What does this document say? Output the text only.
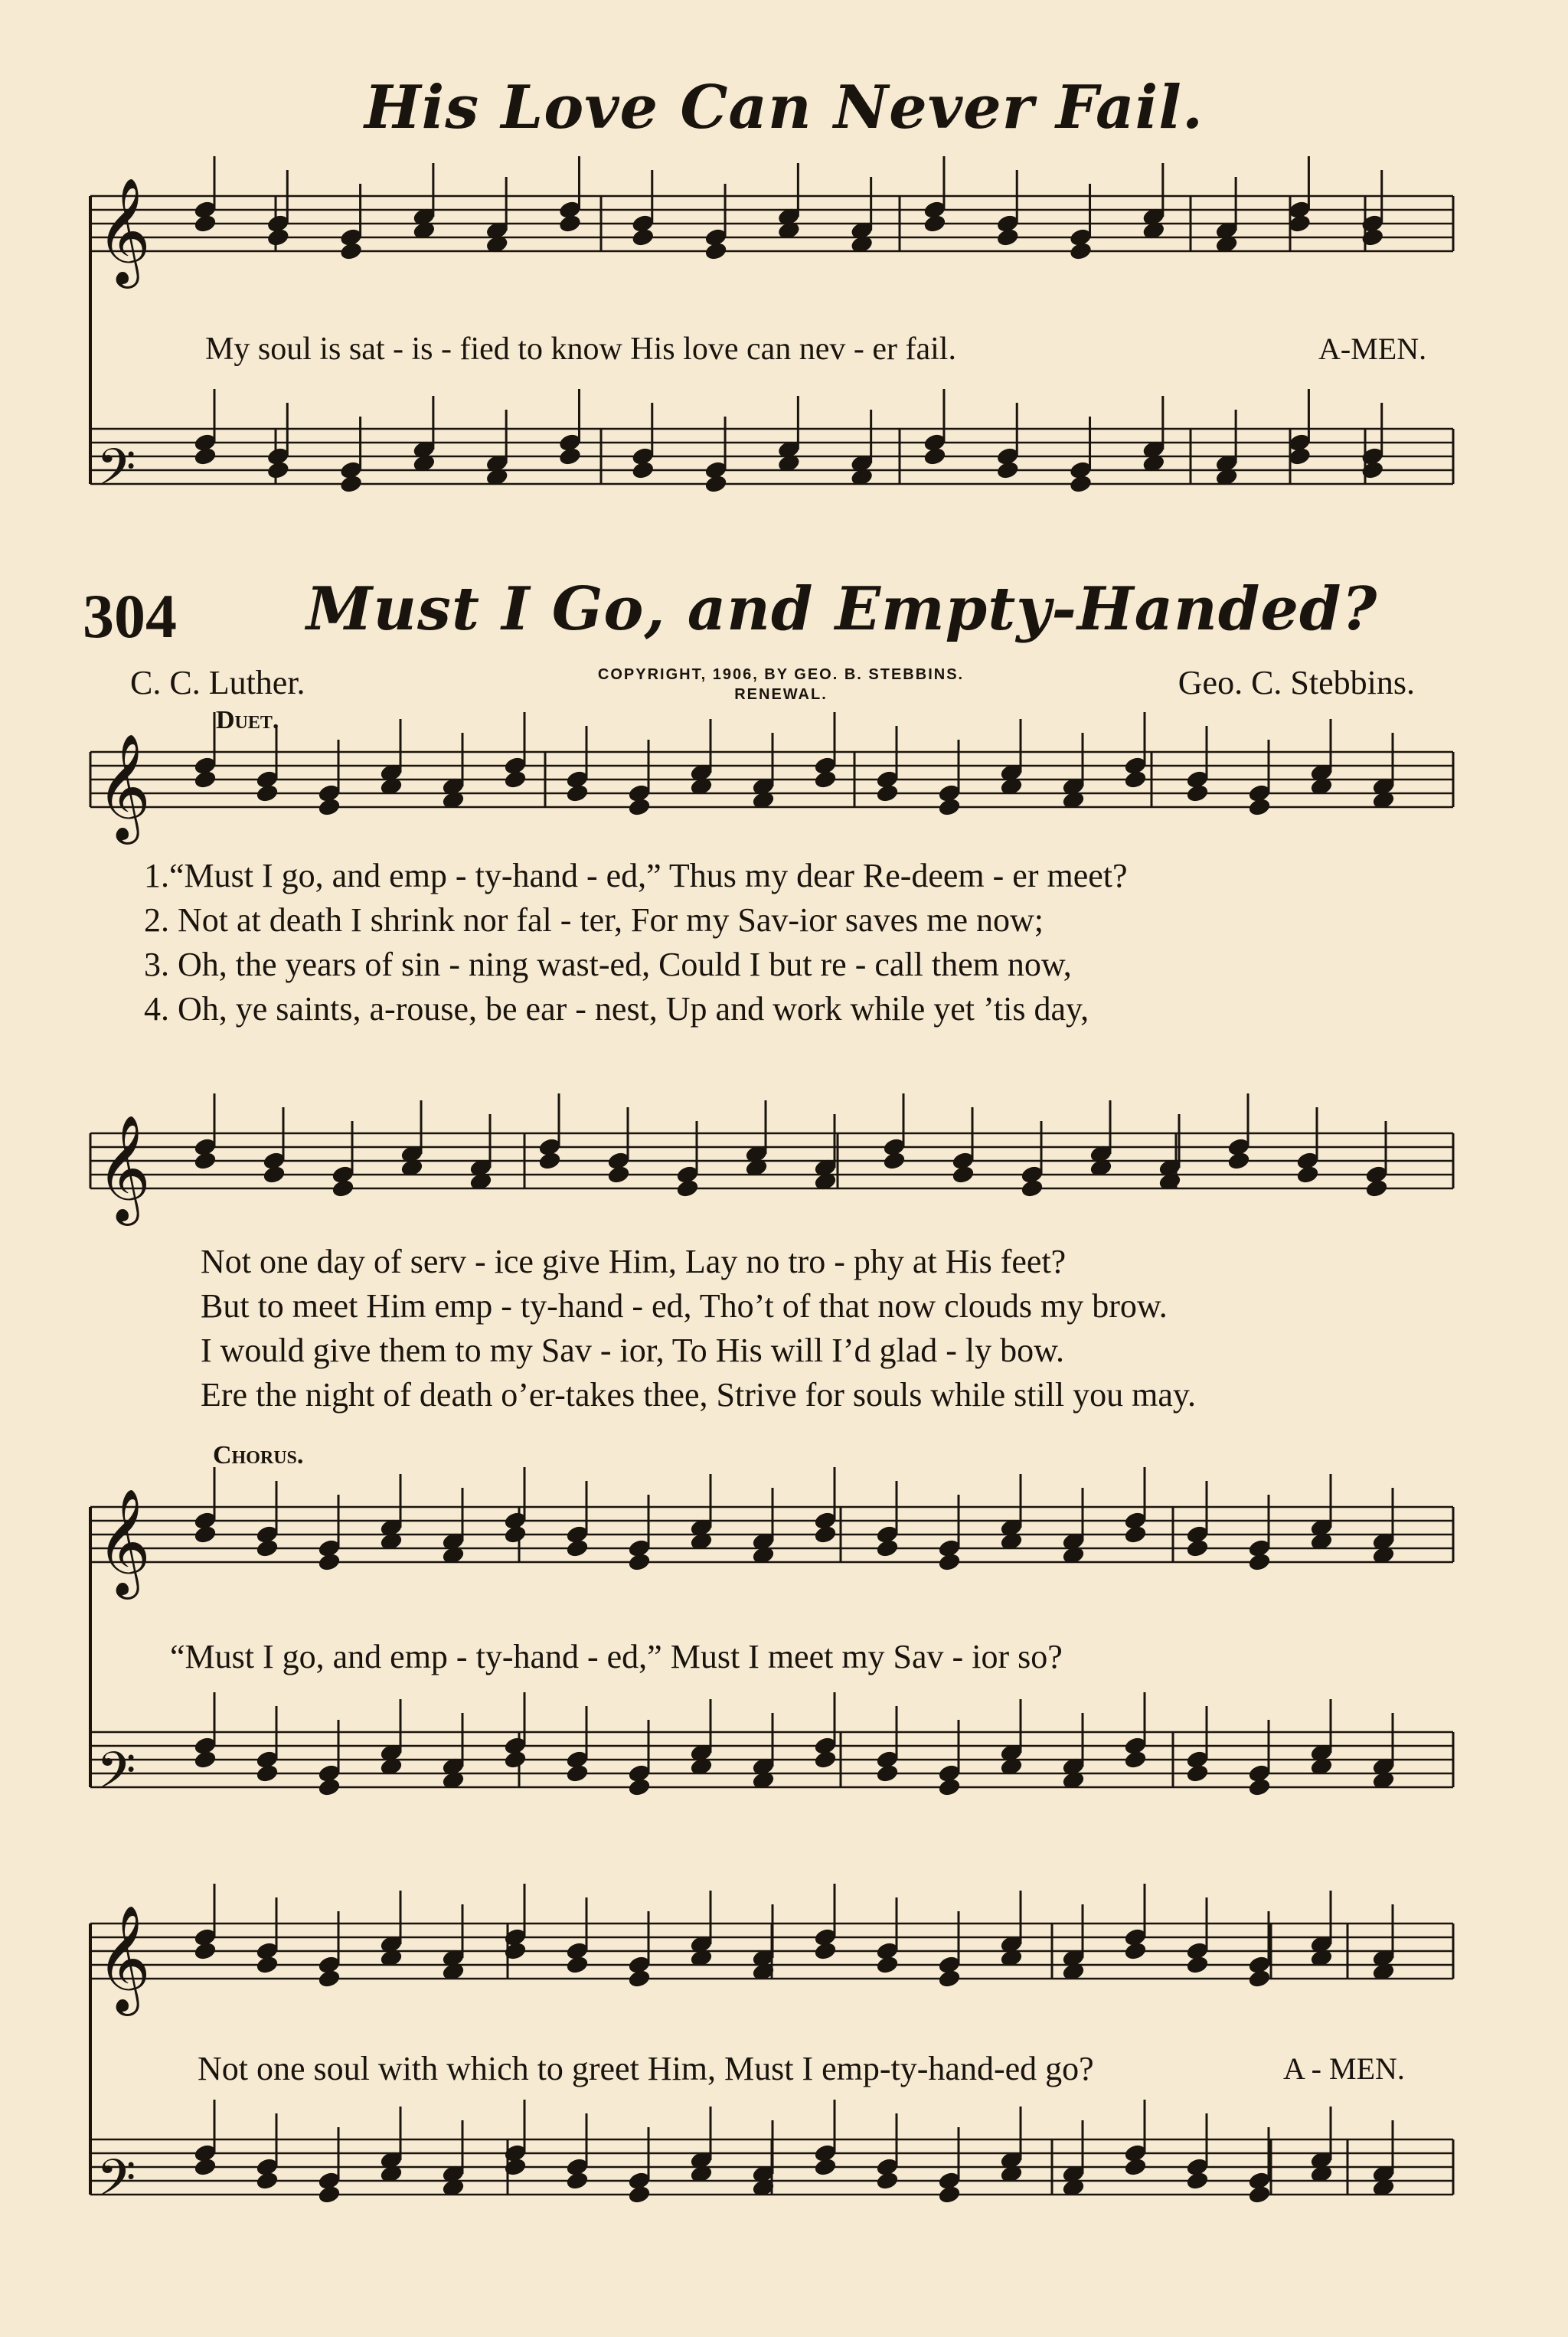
His Love Can Never Fail.
304 Must I Go, and Empty-Handed?
C. C. Luther.	COPYRIGHT, 1906, BY GEO. B. STEBBINS.
RENEWAL.	Geo. C. Stebbins.
Duet.
Chorus.
My soul is sat - is - fied to know His love can nev - er fail.	A-MEN.
1.“Must I go, and emp - ty-hand - ed,” Thus my dear Re-deem - er meet?
2. Not at death I shrink nor fal - ter, For my Sav-ior saves me now;
3. Oh, the years of sin - ning wast-ed, Could I but re - call them now,
4. Oh, ye saints, a-rouse, be ear - nest, Up and work while yet ’tis day,
Not one day of serv - ice give Him, Lay no tro - phy at His feet?
But to meet Him emp - ty-hand - ed, Tho’t of that now clouds my brow.
I would give them to my Sav - ior, To His will I’d glad - ly bow.
Ere the night of death o’er-takes thee, Strive for souls while still you may.
“Must I go, and emp - ty-hand - ed,” Must I meet my Sav - ior so?
Not one soul with which to greet Him, Must I emp-ty-hand-ed go?	A - MEN.
𝄞
𝄢
𝄞
𝄞
𝄞
𝄢
𝄞
𝄢
